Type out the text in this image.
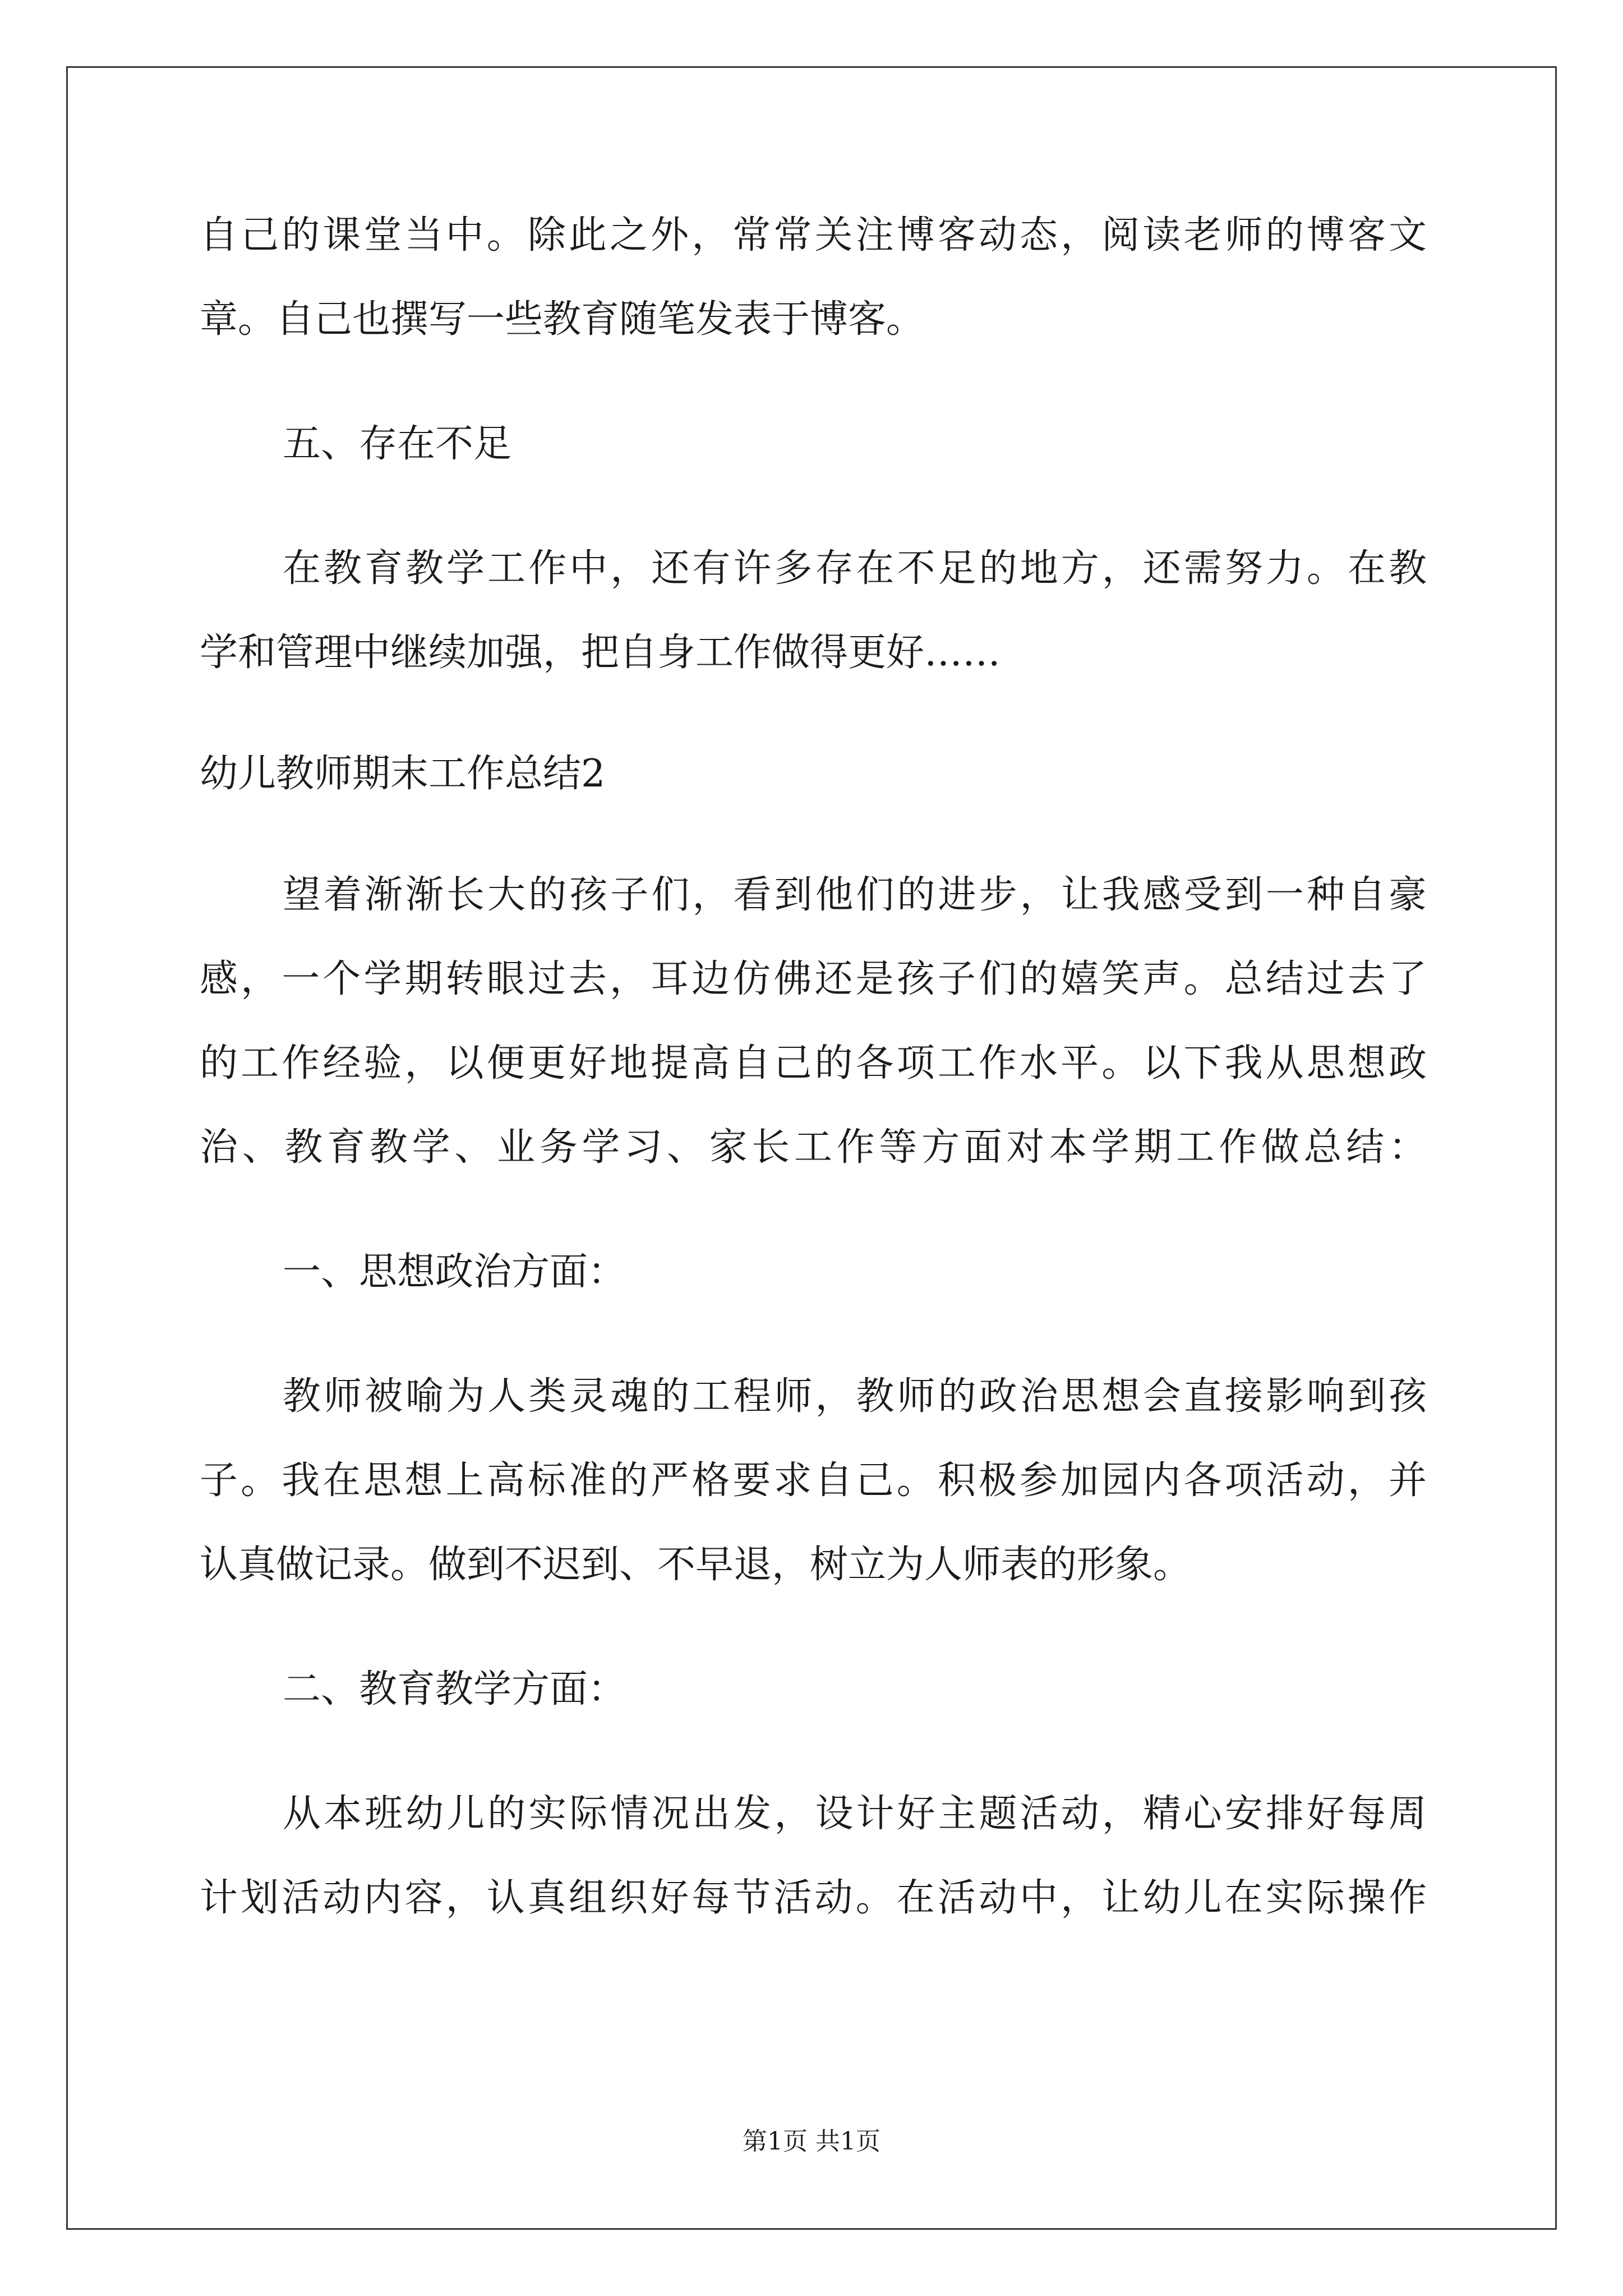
自己的课堂当中。除此之外，常常关注博客动态，阅读老师的博客文
章。自己也撰写一些教育随笔发表于博客。
五、存在不足
在教育教学工作中，还有许多存在不足的地方，还需努力。在教
学和管理中继续加强，把自身工作做得更好……
幼儿教师期末工作总结2
望着渐渐长大的孩子们，看到他们的进步，让我感受到一种自豪
感，一个学期转眼过去，耳边仿佛还是孩子们的嬉笑声。总结过去了
的工作经验，以便更好地提高自己的各项工作水平。以下我从思想政
治、教育教学、业务学习、家长工作等方面对本学期工作做总结：
一、思想政治方面：
教师被喻为人类灵魂的工程师，教师的政治思想会直接影响到孩
子。我在思想上高标准的严格要求自己。积极参加园内各项活动，并
认真做记录。做到不迟到、不早退，树立为人师表的形象。
二、教育教学方面：
从本班幼儿的实际情况出发，设计好主题活动，精心安排好每周
计划活动内容，认真组织好每节活动。在活动中，让幼儿在实际操作
第1页 共1页
